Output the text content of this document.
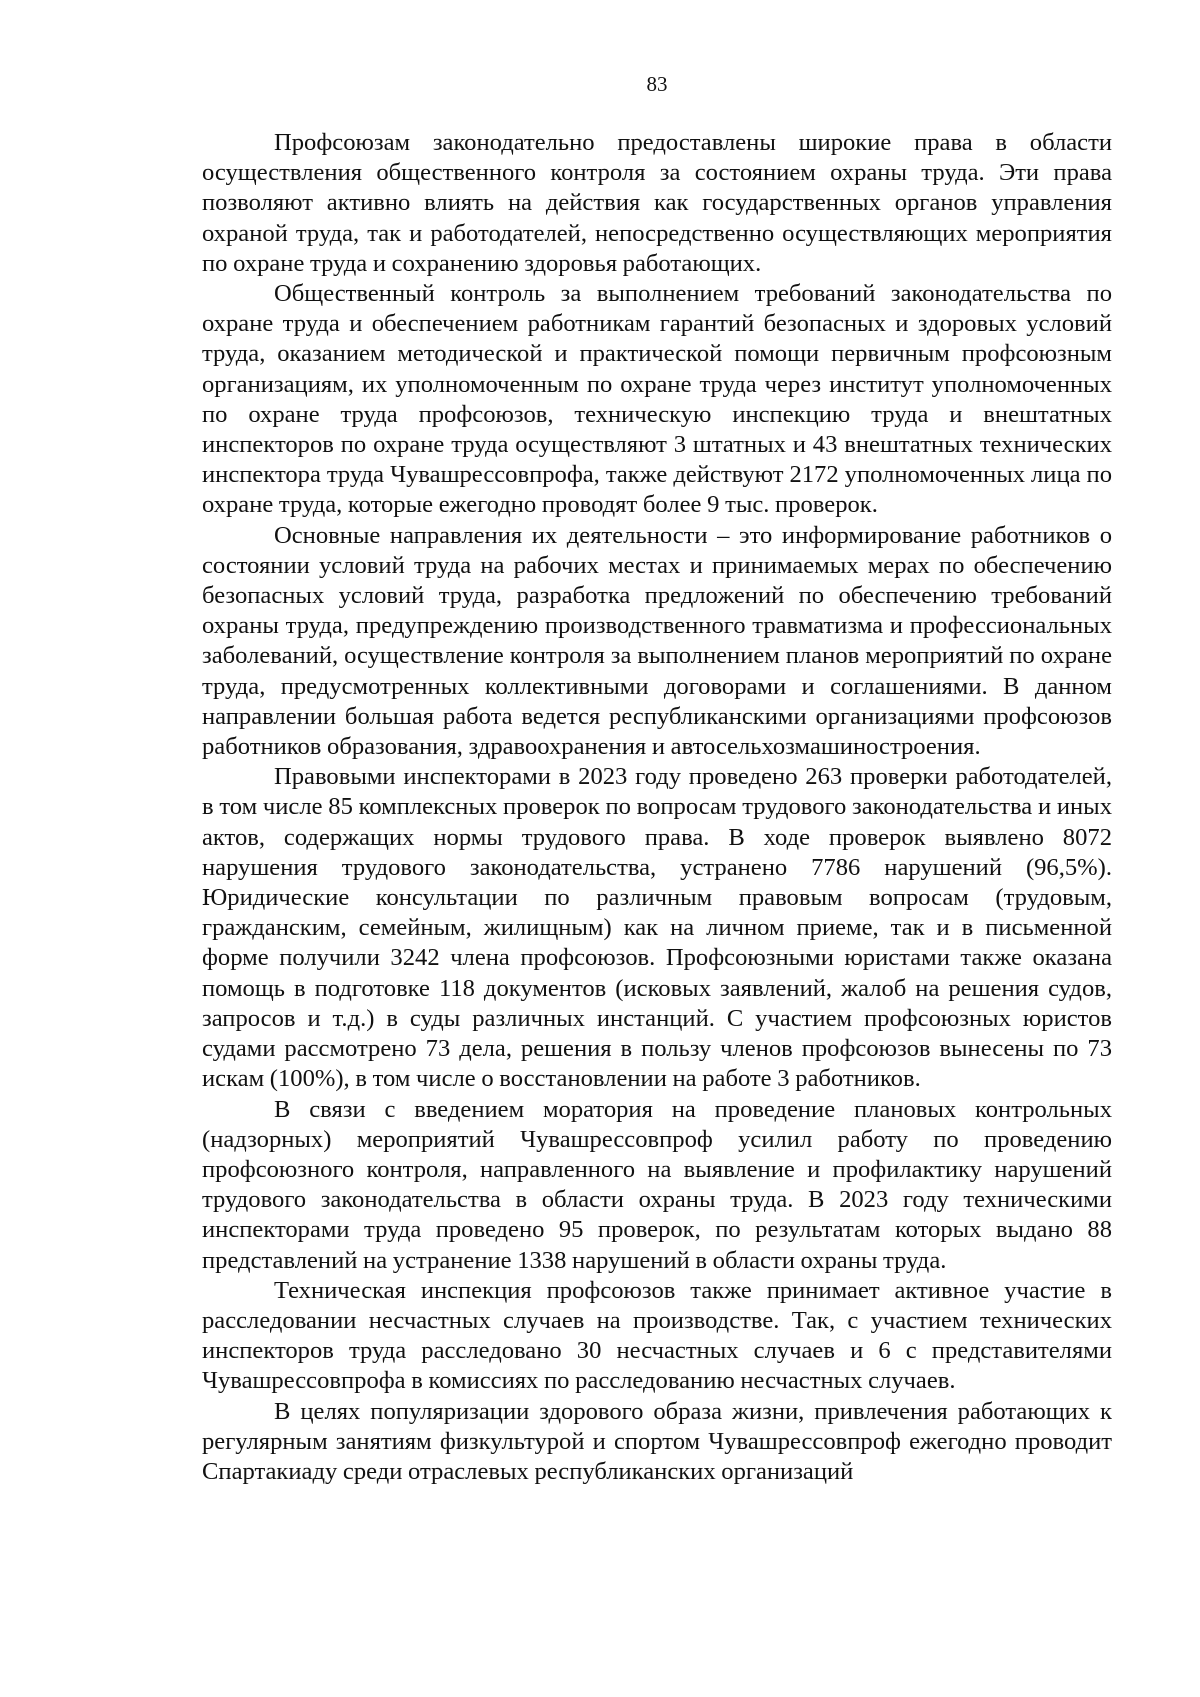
83

Профсоюзам законодательно предоставлены широкие права в области осуществления общественного контроля за состоянием охраны труда. Эти права позволяют активно влиять на действия как государственных органов управления охраной труда, так и работодателей, непосредственно осуществляющих мероприятия по охране труда и сохранению здоровья работающих.

Общественный контроль за выполнением требований законодательства по охране труда и обеспечением работникам гарантий безопасных и здоровых условий труда, оказанием методической и практической помощи первичным профсоюзным организациям, их уполномоченным по охране труда через институт уполномоченных по охране труда профсоюзов, техническую инспекцию труда и внештатных инспекторов по охране труда осуществляют 3 штатных и 43 внештатных технических инспектора труда Чувашрессовпрофа, также действуют 2172 уполномоченных лица по охране труда, которые ежегодно проводят более 9 тыс. проверок.

Основные направления их деятельности – это информирование работников о состоянии условий труда на рабочих местах и принимаемых мерах по обеспечению безопасных условий труда, разработка предложений по обеспечению требований охраны труда, предупреждению производственного травматизма и профессиональных заболеваний, осуществление контроля за выполнением планов мероприятий по охране труда, предусмотренных коллективными договорами и соглашениями. В данном направлении большая работа ведется республиканскими организациями профсоюзов работников образования, здравоохранения и автосельхозмашиностроения.

Правовыми инспекторами в 2023 году проведено 263 проверки работодателей, в том числе 85 комплексных проверок по вопросам трудового законодательства и иных актов, содержащих нормы трудового права. В ходе проверок выявлено 8072 нарушения трудового законодательства, устранено 7786 нарушений (96,5%). Юридические консультации по различным правовым вопросам (трудовым, гражданским, семейным, жилищным) как на личном приеме, так и в письменной форме получили 3242 члена профсоюзов. Профсоюзными юристами также оказана помощь в подготовке 118 документов (исковых заявлений, жалоб на решения судов, запросов и т.д.) в суды различных инстанций. С участием профсоюзных юристов судами рассмотрено 73 дела, решения в пользу членов профсоюзов вынесены по 73 искам (100%), в том числе о восстановлении на работе 3 работников.

В связи с введением моратория на проведение плановых контрольных (надзорных) мероприятий Чувашрессовпроф усилил работу по проведению профсоюзного контроля, направленного на выявление и профилактику нарушений трудового законодательства в области охраны труда. В 2023 году техническими инспекторами труда проведено 95 проверок, по результатам которых выдано 88 представлений на устранение 1338 нарушений в области охраны труда.

Техническая инспекция профсоюзов также принимает активное участие в расследовании несчастных случаев на производстве. Так, с участием технических инспекторов труда расследовано 30 несчастных случаев и 6 с представителями Чувашрессовпрофа в комиссиях по расследованию несчастных случаев.

В целях популяризации здорового образа жизни, привлечения работающих к регулярным занятиям физкультурой и спортом Чувашрессовпроф ежегодно проводит Спартакиаду среди отраслевых республиканских организаций
